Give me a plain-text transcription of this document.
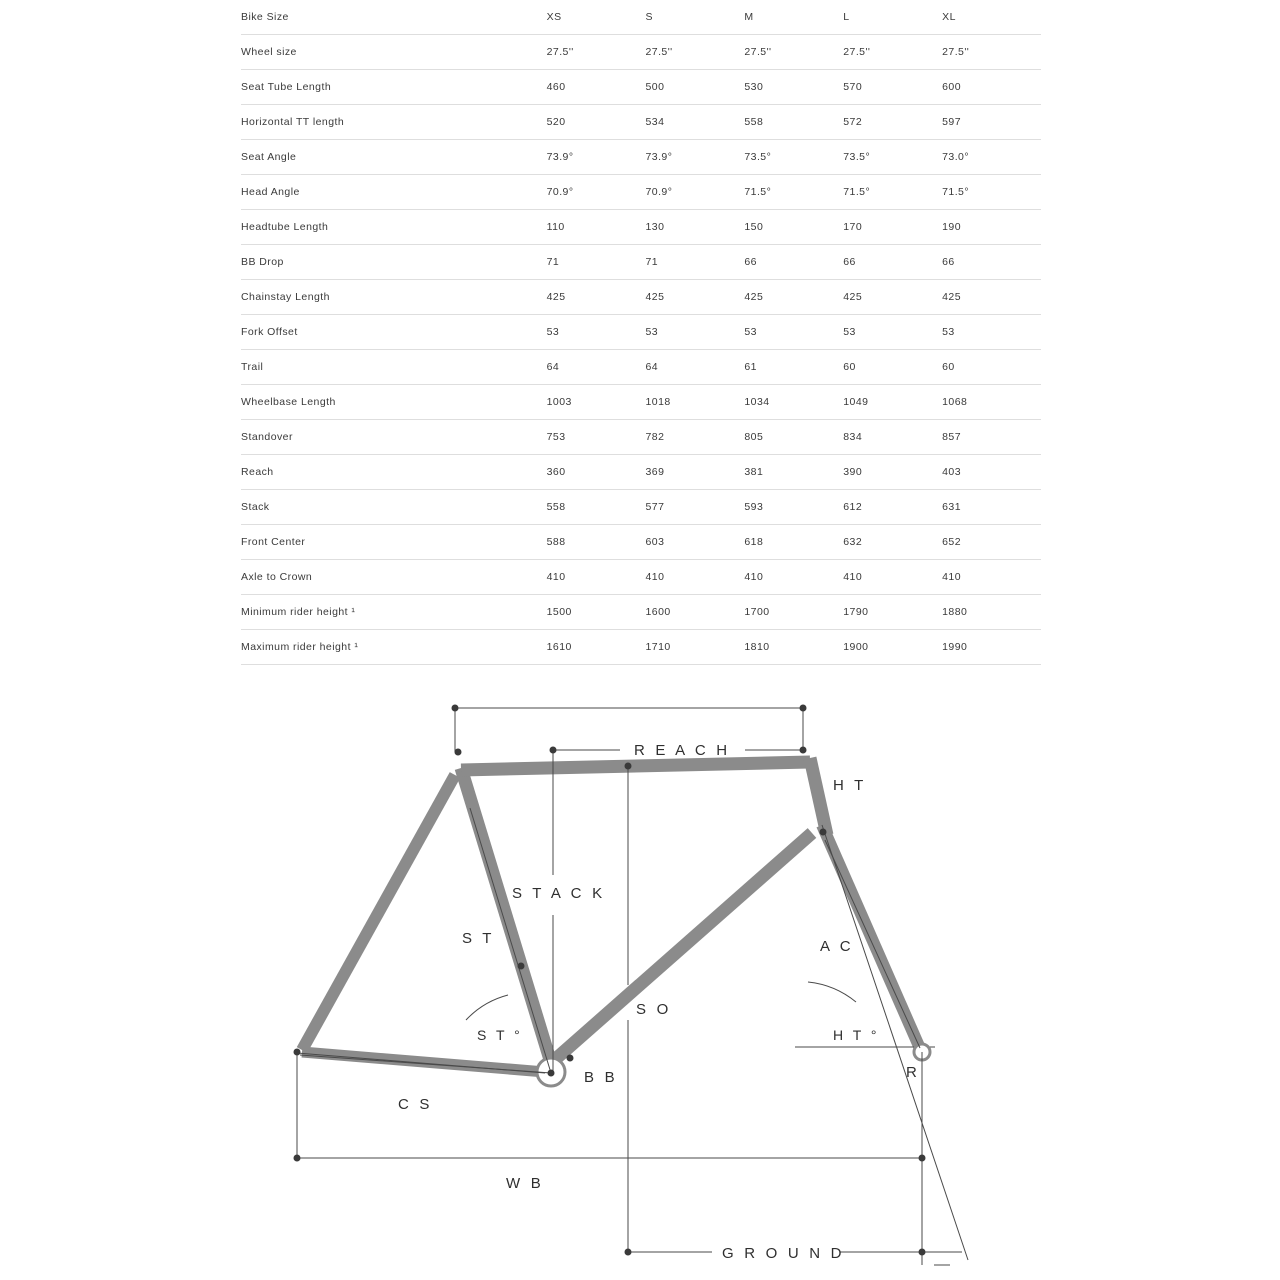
Bike Size	XS	S	M	L	XL
Wheel size	27.5''	27.5''	27.5''	27.5''	27.5''
Seat Tube Length	460	500	530	570	600
Horizontal TT length	520	534	558	572	597
Seat Angle	73.9°	73.9°	73.5°	73.5°	73.0°
Head Angle	70.9°	70.9°	71.5°	71.5°	71.5°
Headtube Length	110	130	150	170	190
BB Drop	71	71	66	66	66
Chainstay Length	425	425	425	425	425
Fork Offset	53	53	53	53	53
Trail	64	64	61	60	60
Wheelbase Length	1003	1018	1034	1049	1068
Standover	753	782	805	834	857
Reach	360	369	381	390	403
Stack	558	577	593	612	631
Front Center	588	603	618	632	652
Axle to Crown	410	410	410	410	410
Minimum rider height ¹	1500	1600	1700	1790	1880
Maximum rider height ¹	1610	1710	1810	1900	1990
R E A C H
S T A C K
S T
S T °
S O
B B
C S
W B
H T
H T °
A C
R
G R O U N D
